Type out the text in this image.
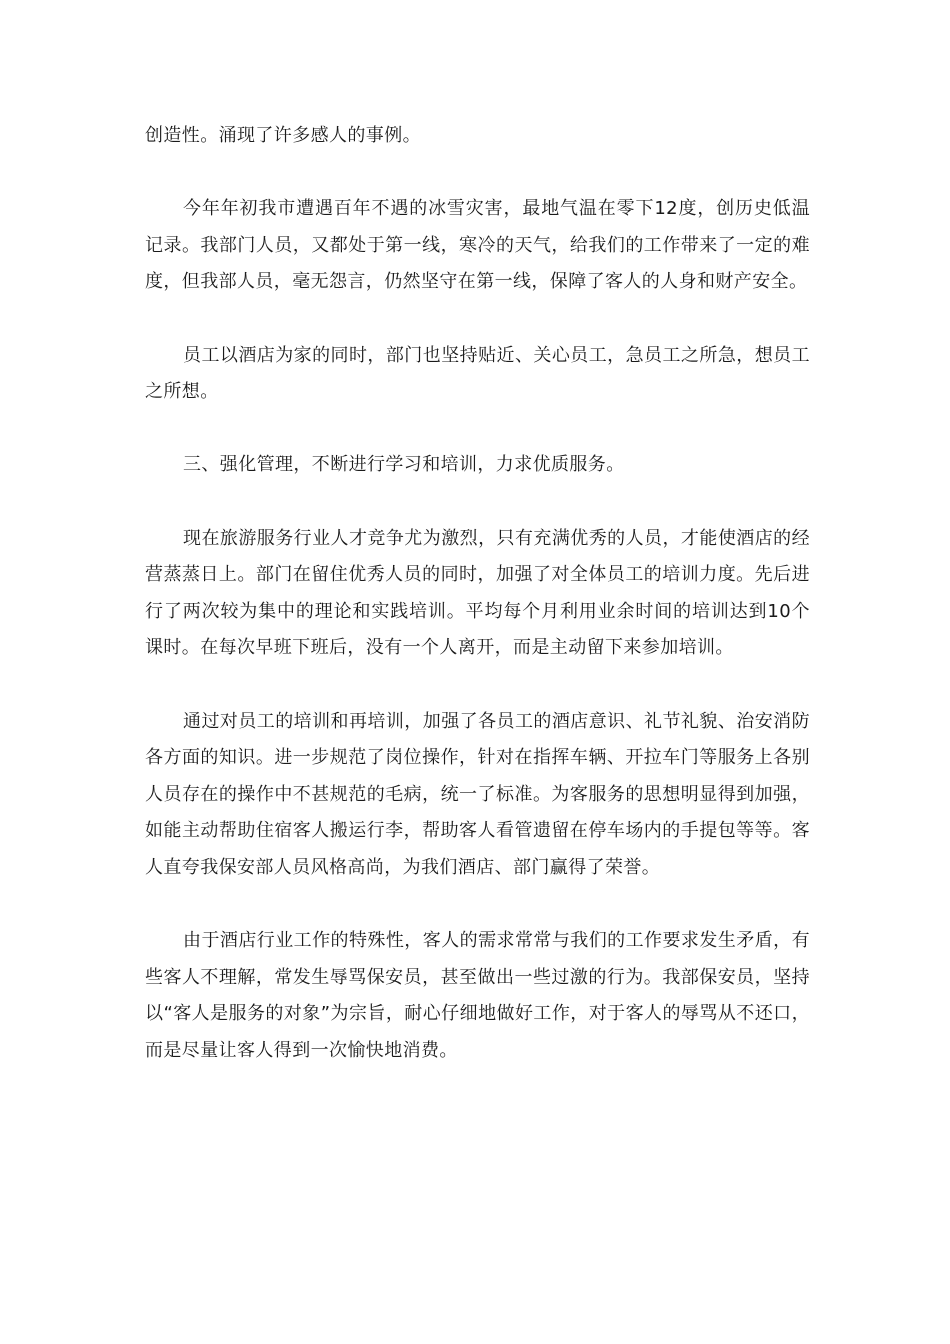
创造性。涌现了许多感人的事例。

今年年初我市遭遇百年不遇的冰雪灾害，最地气温在零下12度，创历史低温记录。我部门人员，又都处于第一线，寒冷的天气，给我们的工作带来了一定的难度，但我部人员，毫无怨言，仍然坚守在第一线，保障了客人的人身和财产安全。

员工以酒店为家的同时，部门也坚持贴近、关心员工，急员工之所急，想员工之所想。

三、强化管理，不断进行学习和培训，力求优质服务。

现在旅游服务行业人才竞争尤为激烈，只有充满优秀的人员，才能使酒店的经营蒸蒸日上。部门在留住优秀人员的同时，加强了对全体员工的培训力度。先后进行了两次较为集中的理论和实践培训。平均每个月利用业余时间的培训达到10个课时。在每次早班下班后，没有一个人离开，而是主动留下来参加培训。

通过对员工的培训和再培训，加强了各员工的酒店意识、礼节礼貌、治安消防各方面的知识。进一步规范了岗位操作，针对在指挥车辆、开拉车门等服务上各别人员存在的操作中不甚规范的毛病，统一了标准。为客服务的思想明显得到加强，如能主动帮助住宿客人搬运行李，帮助客人看管遗留在停车场内的手提包等等。客人直夸我保安部人员风格高尚，为我们酒店、部门赢得了荣誉。

由于酒店行业工作的特殊性，客人的需求常常与我们的工作要求发生矛盾，有些客人不理解，常发生辱骂保安员，甚至做出一些过激的行为。我部保安员，坚持以“客人是服务的对象”为宗旨，耐心仔细地做好工作，对于客人的辱骂从不还口，而是尽量让客人得到一次愉快地消费。
